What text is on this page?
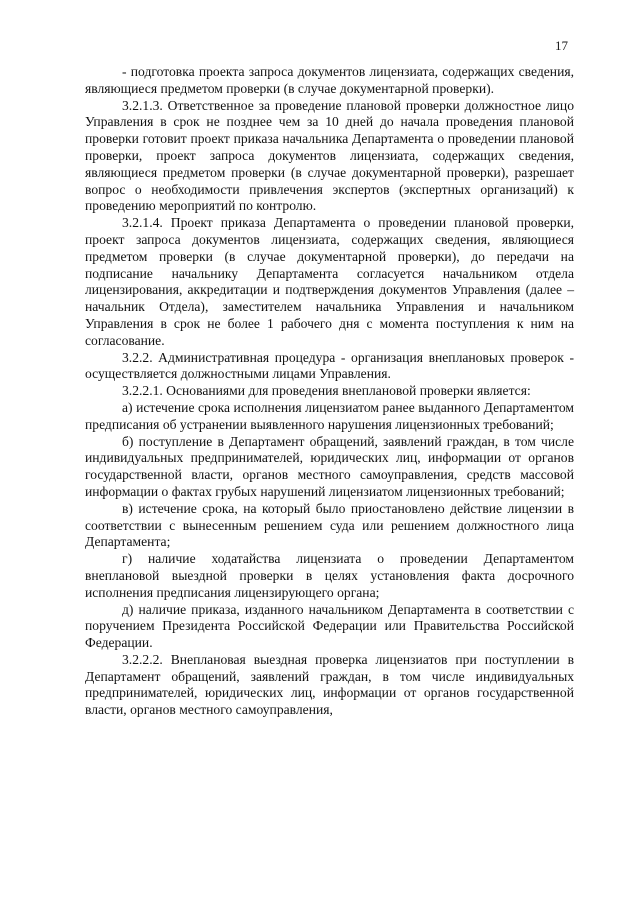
17

- подготовка проекта запроса документов лицензиата, содержащих сведения, являющиеся предметом проверки (в случае документарной проверки).

3.2.1.3. Ответственное за проведение плановой проверки должностное лицо Управления в срок не позднее чем за 10 дней до начала проведения плановой проверки готовит проект приказа начальника Департамента о проведении плановой проверки, проект запроса документов лицензиата, содержащих сведения, являющиеся предметом проверки (в случае документарной проверки), разрешает вопрос о необходимости привлечения экспертов (экспертных организаций) к проведению мероприятий по контролю.

3.2.1.4. Проект приказа Департамента о проведении плановой проверки, проект запроса документов лицензиата, содержащих сведения, являющиеся предметом проверки (в случае документарной проверки), до передачи на подписание начальнику Департамента согласуется начальником отдела лицензирования, аккредитации и подтверждения документов Управления (далее – начальник Отдела), заместителем начальника Управления и начальником Управления в срок не более 1 рабочего дня с момента поступления к ним на согласование.

3.2.2. Административная процедура - организация внеплановых проверок - осуществляется должностными лицами Управления.

3.2.2.1. Основаниями для проведения внеплановой проверки является:

а) истечение срока исполнения лицензиатом ранее выданного Департаментом предписания об устранении выявленного нарушения лицензионных требований;

б) поступление в Департамент обращений, заявлений граждан, в том числе индивидуальных предпринимателей, юридических лиц, информации от органов государственной власти, органов местного самоуправления, средств массовой информации о фактах грубых нарушений лицензиатом лицензионных требований;

в) истечение срока, на который было приостановлено действие лицензии в соответствии с вынесенным решением суда или решением должностного лица Департамента;

г) наличие ходатайства лицензиата о проведении Департаментом внеплановой выездной проверки в целях установления факта досрочного исполнения предписания лицензирующего органа;

д) наличие приказа, изданного начальником Департамента в соответствии с поручением Президента Российской Федерации или Правительства Российской Федерации.

3.2.2.2. Внеплановая выездная проверка лицензиатов при поступлении в Департамент обращений, заявлений граждан, в том числе индивидуальных предпринимателей, юридических лиц, информации от органов государственной власти, органов местного самоуправления,
